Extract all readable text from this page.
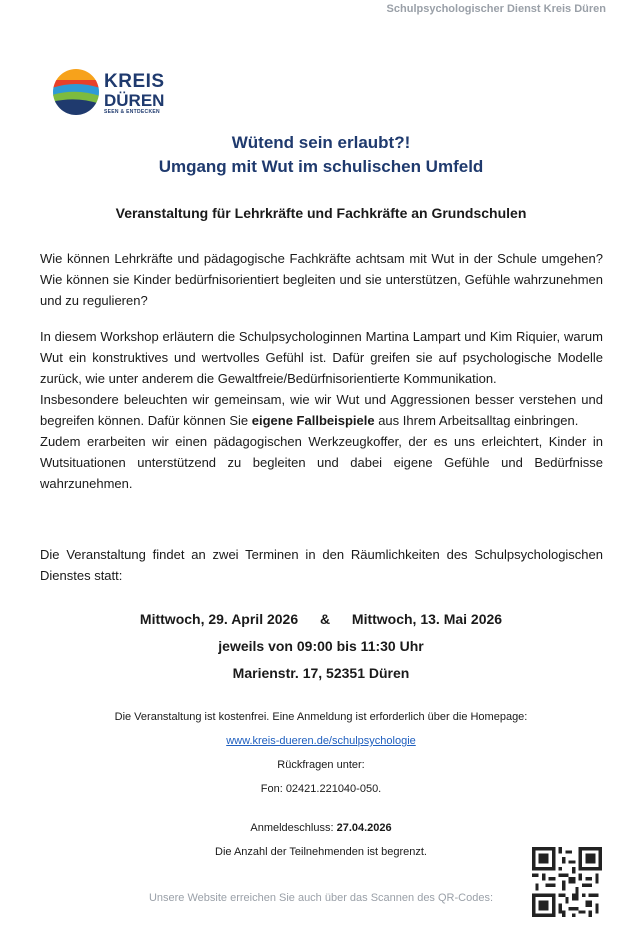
Schulpsychologischer Dienst Kreis Düren
KREIS
DÜREN
SEEN & ENTDECKEN
Wütend sein erlaubt?!
Umgang mit Wut im schulischen Umfeld
Veranstaltung für Lehrkräfte und Fachkräfte an Grundschulen

Wie können Lehrkräfte und pädagogische Fachkräfte achtsam mit Wut in der Schule umgehen? Wie können sie Kinder bedürfnisorientiert begleiten und sie unterstützen, Gefühle wahrzunehmen und zu regulieren?

In diesem Workshop erläutern die Schulpsychologinnen Martina Lampart und Kim Riquier, warum Wut ein konstruktives und wertvolles Gefühl ist. Dafür greifen sie auf psychologische Modelle zurück, wie unter anderem die Gewaltfreie/Bedürfnisorientierte Kommunikation.

Insbesondere beleuchten wir gemeinsam, wie wir Wut und Aggressionen besser verstehen und begreifen können. Dafür können Sie eigene Fallbeispiele aus Ihrem Arbeitsalltag einbringen.

Zudem erarbeiten wir einen pädagogischen Werkzeugkoffer, der es uns erleichtert, Kinder in Wutsituationen unterstützend zu begleiten und dabei eigene Gefühle und Bedürfnisse wahrzunehmen.

Die Veranstaltung findet an zwei Terminen in den Räumlichkeiten des Schulpsychologischen Dienstes statt:

Mittwoch, 29. April 2026 & Mittwoch, 13. Mai 2026
jeweils von 09:00 bis 11:30 Uhr
Marienstr. 17, 52351 Düren
Die Veranstaltung ist kostenfrei. Eine Anmeldung ist erforderlich über die Homepage:
www.kreis-dueren.de/schulpsychologie
Rückfragen unter:
Fon: 02421.221040-050.
Anmeldeschluss: 27.04.2026
Die Anzahl der Teilnehmenden ist begrenzt.
Unsere Website erreichen Sie auch über das Scannen des QR-Codes:
